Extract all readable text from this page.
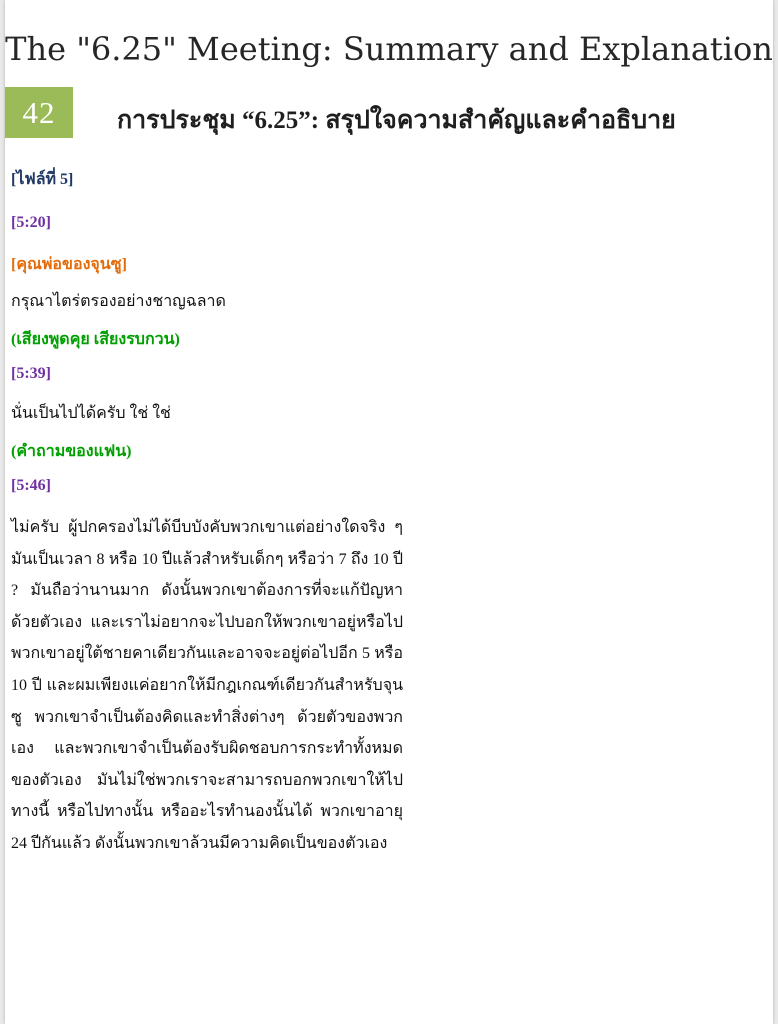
The "6.25" Meeting: Summary and Explanation
42	การประชุม “6.25”: สรุปใจความสำคัญและคำอธิบาย
[ไฟล์ที่ 5]
[5:20]
[คุณพ่อของจุนซู]
กรุณาไตร่ตรองอย่างชาญฉลาด
(เสียงพูดคุย เสียงรบกวน)
[5:39]
นั่นเป็นไปได้ครับ ใช่ ใช่
(คำถามของแฟน)
[5:46]
ไม่ครับ ผู้ปกครองไม่ได้บีบบังคับพวกเขาแต่อย่างใดจริง ๆ มันเป็นเวลา 8 หรือ 10 ปีแล้วสำหรับเด็กๆ หรือว่า 7 ถึง 10 ปี ? มันถือว่านานมาก ดังนั้นพวกเขาต้องการที่จะแก้ปัญหาด้วยตัวเอง และเราไม่อยากจะไปบอกให้พวกเขาอยู่หรือไป พวกเขาอยู่ใต้ชายคาเดียวกันและอาจจะอยู่ต่อไปอีก 5 หรือ 10 ปี และผมเพียงแค่อยากให้มีกฎเกณฑ์เดียวกันสำหรับจุนซู พวกเขาจำเป็นต้องคิดและทำสิ่งต่างๆ ด้วยตัวของพวกเอง และพวกเขาจำเป็นต้องรับผิดชอบการกระทำทั้งหมดของตัวเอง มันไม่ใช่พวกเราจะสามารถบอกพวกเขาให้ไปทางนี้ หรือไปทางนั้น หรืออะไรทำนองนั้นได้ พวกเขาอายุ 24 ปีกันแล้ว ดังนั้นพวกเขาล้วนมีความคิดเป็นของตัวเอง
